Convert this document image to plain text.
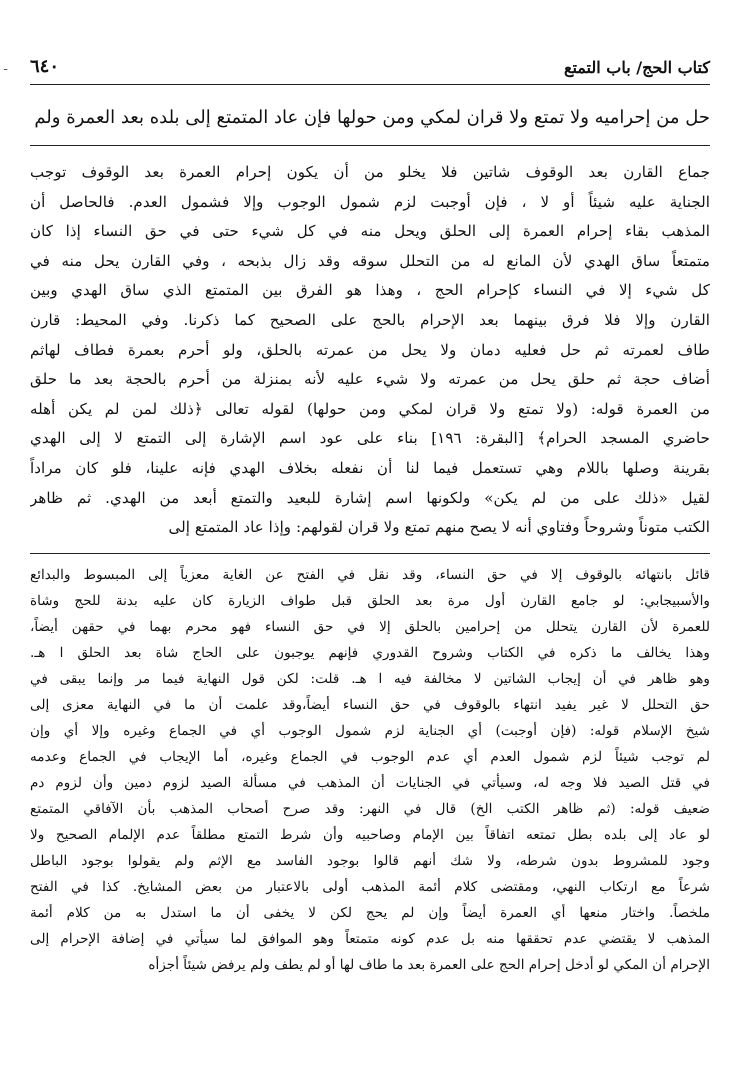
ـ	كتاب الحج/ باب التمتع
٦٤٠
حل من إحراميه ولا تمتع ولا قران لمكي ومن حولها فإن عاد المتمتع إلى بلده بعد العمرة ولم
جماع القارن بعد الوقوف شاتين فلا يخلو من أن يكون إحرام العمرة بعد الوقوف توجب
الجناية عليه شيئاً أو لا ، فإن أوجبت لزم شمول الوجوب وإلا فشمول العدم. فالحاصل أن
المذهب بقاء إحرام العمرة إلى الحلق ويحل منه في كل شيء حتى في حق النساء إذا كان
متمتعاً ساق الهدي لأن المانع له من التحلل سوقه وقد زال بذبحه ، وفي القارن يحل منه في
كل شيء إلا في النساء كإحرام الحج ، وهذا هو الفرق بين المتمتع الذي ساق الهدي وبين
القارن وإلا فلا فرق بينهما بعد الإحرام بالحج على الصحيح كما ذكرنا. وفي المحيط: قارن
طاف لعمرته ثم حل فعليه دمان ولا يحل من عمرته بالحلق، ولو أحرم بعمرة فطاف لهاثم
أضاف حجة ثم حلق يحل من عمرته ولا شيء عليه لأنه بمنزلة من أحرم بالحجة بعد ما حلق
من العمرة قوله: (ولا تمتع ولا قران لمكي ومن حولها) لقوله تعالى ﴿ذلك لمن لم يكن أهله
حاضري المسجد الحرام﴾ [البقرة: ١٩٦] بناء على عود اسم الإشارة إلى التمتع لا إلى الهدي
بقرينة وصلها باللام وهي تستعمل فيما لنا أن نفعله بخلاف الهدي فإنه علينا، فلو كان مراداً
لقيل «ذلك على من لم يكن» ولكونها اسم إشارة للبعيد والتمتع أبعد من الهدي. ثم ظاهر
الكتب متوناً وشروحاً وفتاوي أنه لا يصح منهم تمتع ولا قران لقولهم: وإذا عاد المتمتع إلى
قائل بانتهائه بالوقوف إلا في حق النساء، وقد نقل في الفتح عن الغاية معزياً إلى المبسوط والبدائع
والأسبيجابي: لو جامع القارن أول مرة بعد الحلق قبل طواف الزيارة كان عليه بدنة للحج وشاة
للعمرة لأن القارن يتحلل من إحرامين بالحلق إلا في حق النساء فهو محرم بهما في حقهن أيضاً،
وهذا يخالف ما ذكره في الكتاب وشروح القدوري فإنهم يوجبون على الحاج شاة بعد الحلق ا هـ.
وهو ظاهر في أن إيجاب الشاتين لا مخالفة فيه ا هـ. قلت: لكن قول النهاية فيما مر وإنما يبقى في
حق التحلل لا غير يفيد انتهاء بالوقوف في حق النساء أيضاً،وقد علمت أن ما في النهاية معزى إلى
شيخ الإسلام قوله: (فإن أوجبت) أي الجناية لزم شمول الوجوب أي في الجماع وغيره وإلا أي وإن
لم توجب شيئاً لزم شمول العدم أي عدم الوجوب في الجماع وغيره، أما الإيجاب في الجماع وعدمه
في قتل الصيد فلا وجه له، وسيأتي في الجنايات أن المذهب في مسألة الصيد لزوم دمين وأن لزوم دم
ضعيف قوله: (ثم ظاهر الكتب الخ) قال في النهر: وقد صرح أصحاب المذهب بأن الآفاقي المتمتع
لو عاد إلى بلده بطل تمتعه اتفاقاً بين الإمام وصاحبيه وأن شرط التمتع مطلقاً عدم الإلمام الصحيح ولا
وجود للمشروط بدون شرطه، ولا شك أنهم قالوا بوجود الفاسد مع الإثم ولم يقولوا بوجود الباطل
شرعاً مع ارتكاب النهي، ومقتضى كلام أئمة المذهب أولى بالاعتبار من بعض المشايخ. كذا في الفتح
ملخصاً. واختار منعها أي العمرة أيضاً وإن لم يحج لكن لا يخفى أن ما استدل به من كلام أئمة
المذهب لا يقتضي عدم تحققها منه بل عدم كونه متمتعاً وهو الموافق لما سيأتي في إضافة الإحرام إلى
الإحرام أن المكي لو أدخل إحرام الحج على العمرة بعد ما طاف لها أو لم يطف ولم يرفض شيئاً أجزأه
